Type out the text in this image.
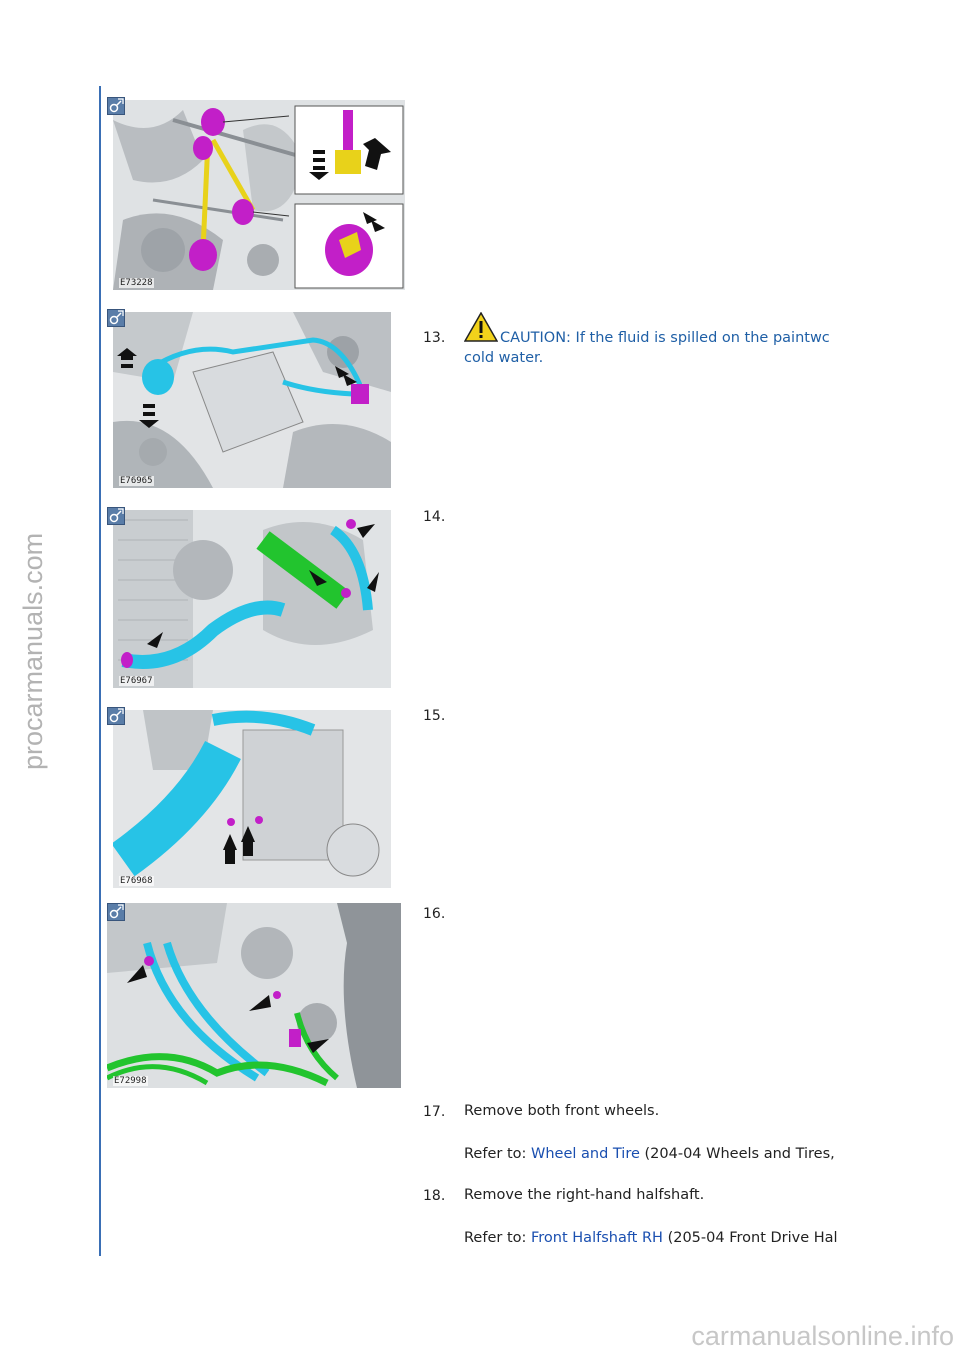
procarmanuals.com
carmanualsonline.info
E73228
E76965
E76967
E76968
E72998
13.	CAUTION: If the fluid is spilled on the paintwc
cold water.
14.
15.
16.
17. Remove both front wheels.
Refer to: Wheel and Tire (204-04 Wheels and Tires,
18. Remove the right-hand halfshaft.
Refer to: Front Halfshaft RH (205-04 Front Drive Hal
